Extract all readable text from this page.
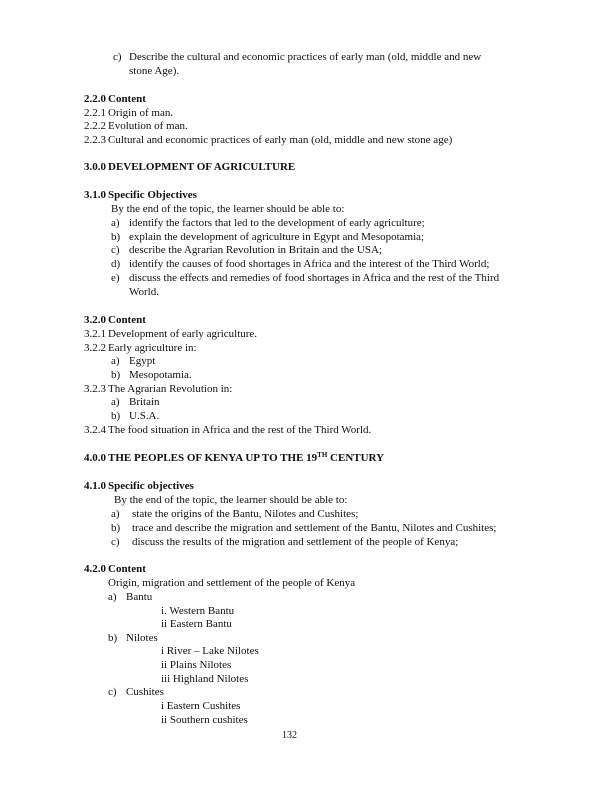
c) Describe the cultural and economic practices of early man (old, middle and new
stone Age).
2.2.0 Content
2.2.1 Origin of man.
2.2.2 Evolution of man.
2.2.3 Cultural and economic practices of early man (old, middle and new stone age)
3.0.0 DEVELOPMENT OF AGRICULTURE
3.1.0 Specific Objectives
By the end of the topic, the learner should be able to:
a) identify the factors that led to the development of early agriculture;
b) explain the development of agriculture in Egypt and Mesopotamia;
c) describe the Agrarian Revolution in Britain and the USA;
d) identify the causes of food shortages in Africa and the interest of the Third World;
e) discuss the effects and remedies of food shortages in Africa and the rest of the Third
World.
3.2.0 Content
3.2.1 Development of early agriculture.
3.2.2 Early agriculture in:
a) Egypt
b) Mesopotamia.
3.2.3 The Agrarian Revolution in:
a) Britain
b) U.S.A.
3.2.4 The food situation in Africa and the rest of the Third World.
4.0.0 THE PEOPLES OF KENYA UP TO THE 19TH CENTURY
4.1.0 Specific objectives
By the end of the topic, the learner should be able to:
a) state the origins of the Bantu, Nilotes and Cushites;
b) trace and describe the migration and settlement of the Bantu, Nilotes and Cushites;
c) discuss the results of the migration and settlement of the people of Kenya;
4.2.0 Content
Origin, migration and settlement of the people of Kenya
a) Bantu
i. Western Bantu
ii Eastern Bantu
b) Nilotes
i River – Lake Nilotes
ii Plains Nilotes
iii Highland Nilotes
c) Cushites
i Eastern Cushites
ii Southern cushites
132
